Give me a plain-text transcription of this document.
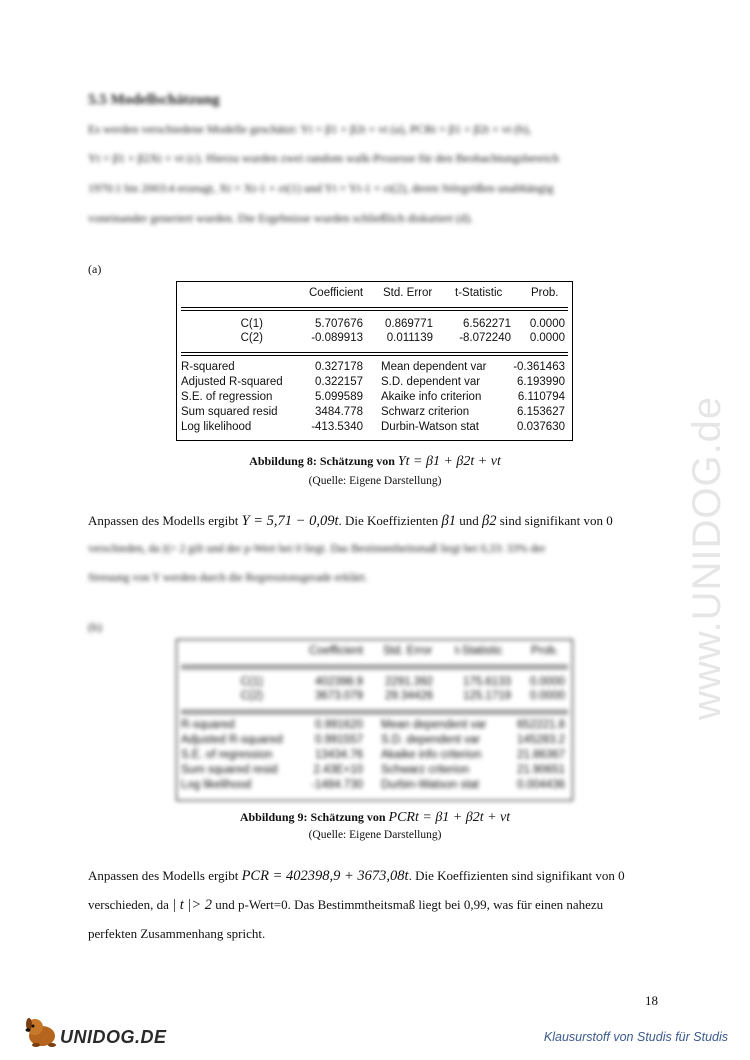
www.UNIDOG.de
5.5 Modellschätzung
Es werden verschiedene Modelle geschätzt: Yt = β1 + β2t + vt (a), PCRt = β1 + β2t + vt (b),
Yt = β1 + β2Xt + vt (c). Hierzu wurden zwei random walk-Prozesse für den Beobachtungsbereich
1970:1 bis 2003:4 erzeugt, Xt = Xt-1 + εt(1) und Yt = Yt-1 + εt(2), deren Störgrößen unabhängig
voneinander generiert wurden. Die Ergebnisse wurden schließlich diskutiert (d).
(a)
Coefficient Std. Error t-Statistic Prob.
C(1)	5.707676	0.869771	6.562271	0.0000
C(2)	-0.089913	0.011139	-8.072240	0.0000
R-squared	0.327178 Mean dependent var	-0.361463
Adjusted R-squared	0.322157 S.D. dependent var	6.193990
S.E. of regression	5.099589 Akaike info criterion	6.110794
Sum squared resid	3484.778 Schwarz criterion	6.153627
Log likelihood	-413.5340 Durbin-Watson stat	0.037630
Abbildung 8: Schätzung von Yt = β1 + β2t + vt
(Quelle: Eigene Darstellung)
Anpassen des Modells ergibt Y = 5,71 − 0,09t. Die Koeffizienten β1 und β2 sind signifikant von 0
verschieden, da |t|> 2 gilt und der p-Wert bei 0 liegt. Das Bestimmtheitsmaß liegt bei 0,33: 33% der
Streuung von Y werden durch die Regressionsgerade erklärt.
(b)
Coefficient Std. Error t-Statistic Prob.
C(1)	402398.9	2291.392	175.6133	0.0000
C(2)	3673.079	29.34426	125.1719	0.0000
R-squared	0.991620 Mean dependent var	652221.8
Adjusted R-squared	0.991557 S.D. dependent var	145283.2
S.E. of regression	13434.76 Akaike info criterion	21.86367
Sum squared resid	2.43E+10 Schwarz criterion	21.90651
Log likelihood	-1484.730 Durbin-Watson stat	0.004436
Abbildung 9: Schätzung von PCRt = β1 + β2t + vt
(Quelle: Eigene Darstellung)
Anpassen des Modells ergibt PCR = 402398,9 + 3673,08t. Die Koeffizienten sind signifikant von 0
verschieden, da | t |> 2 und p-Wert=0. Das Bestimmtheitsmaß liegt bei 0,99, was für einen nahezu
perfekten Zusammenhang spricht.
18
UNIDOG.DE	Klausurstoff von Studis für Studis
